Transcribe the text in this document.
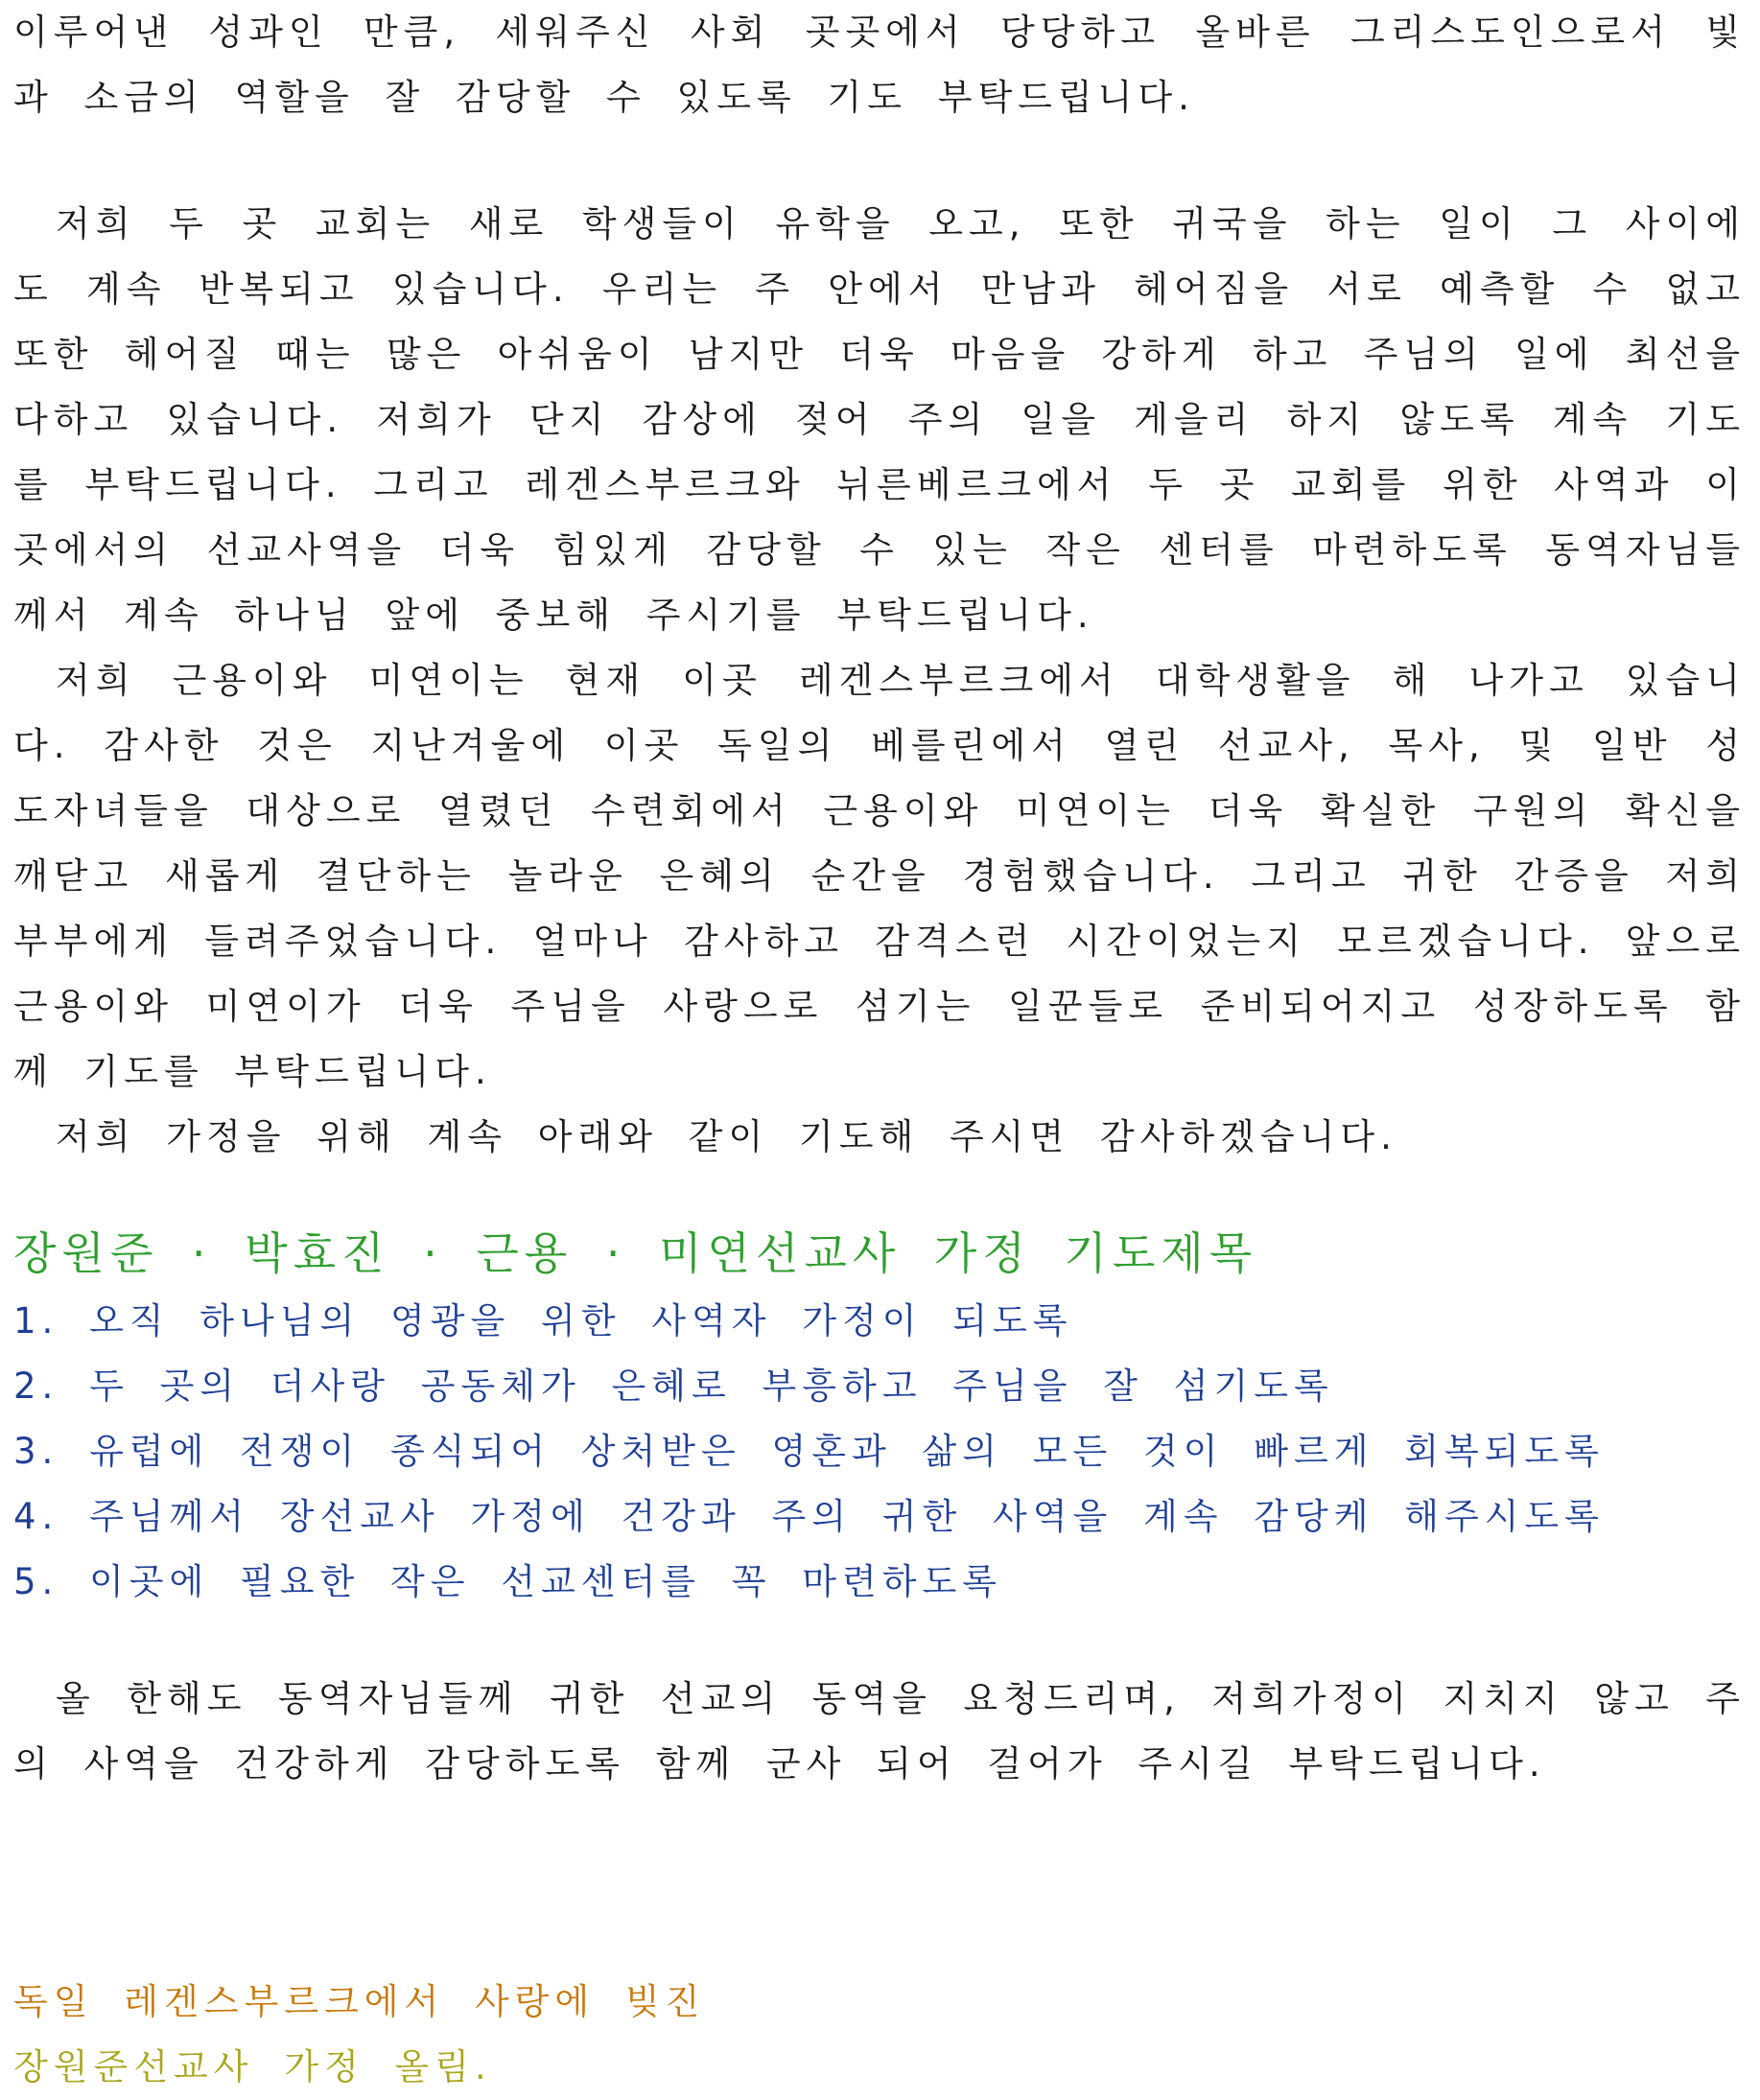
이루어낸 성과인 만큼, 세워주신 사회 곳곳에서 당당하고 올바른 그리스도인으로서 빛과 소금의 역할을 잘 감당할 수 있도록 기도 부탁드립니다.

저희 두 곳 교회는 새로 학생들이 유학을 오고, 또한 귀국을 하는 일이 그 사이에도 계속 반복되고 있습니다. 우리는 주 안에서 만남과 헤어짐을 서로 예측할 수 없고 또한 헤어질 때는 많은 아쉬움이 남지만 더욱 마음을 강하게 하고 주님의 일에 최선을 다하고 있습니다. 저희가 단지 감상에 젖어 주의 일을 게을리 하지 않도록 계속 기도를 부탁드립니다. 그리고 레겐스부르크와 뉘른베르크에서 두 곳 교회를 위한 사역과 이곳에서의 선교사역을 더욱 힘있게 감당할 수 있는 작은 센터를 마련하도록 동역자님들께서 계속 하나님 앞에 중보해 주시기를 부탁드립니다.

저희 근용이와 미연이는 현재 이곳 레겐스부르크에서 대학생활을 해 나가고 있습니다. 감사한 것은 지난겨울에 이곳 독일의 베를린에서 열린 선교사, 목사, 및 일반 성도자녀들을 대상으로 열렸던 수련회에서 근용이와 미연이는 더욱 확실한 구원의 확신을 깨닫고 새롭게 결단하는 놀라운 은혜의 순간을 경험했습니다. 그리고 귀한 간증을 저희부부에게 들려주었습니다. 얼마나 감사하고 감격스런 시간이었는지 모르겠습니다. 앞으로 근용이와 미연이가 더욱 주님을 사랑으로 섬기는 일꾼들로 준비되어지고 성장하도록 함께 기도를 부탁드립니다.

저희 가정을 위해 계속 아래와 같이 기도해 주시면 감사하겠습니다.

장원준 · 박효진 · 근용 · 미연선교사 가정 기도제목

1. 오직 하나님의 영광을 위한 사역자 가정이 되도록
2. 두 곳의 더사랑 공동체가 은혜로 부흥하고 주님을 잘 섬기도록
3. 유럽에 전쟁이 종식되어 상처받은 영혼과 삶의 모든 것이 빠르게 회복되도록
4. 주님께서 장선교사 가정에 건강과 주의 귀한 사역을 계속 감당케 해주시도록
5. 이곳에 필요한 작은 선교센터를 꼭 마련하도록

올 한해도 동역자님들께 귀한 선교의 동역을 요청드리며, 저희가정이 지치지 않고 주의 사역을 건강하게 감당하도록 함께 군사 되어 걸어가 주시길 부탁드립니다.

독일 레겐스부르크에서 사랑에 빚진

장원준선교사 가정 올림.
